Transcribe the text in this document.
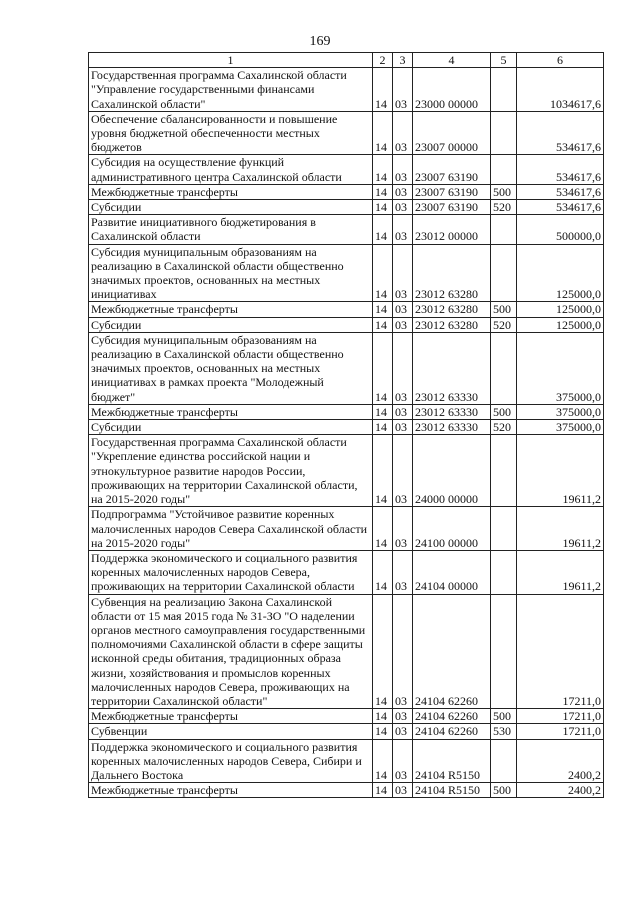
169
1	2	3	4	5	6
Государственная программа Сахалинской области "Управление государственными финансами Сахалинской области"	14	03	23000 00000		1034617,6
Обеспечение сбалансированности и повышение уровня бюджетной обеспеченности местных бюджетов	14	03	23007 00000		534617,6
Субсидия на осуществление функций административного центра Сахалинской области	14	03	23007 63190		534617,6
Межбюджетные трансферты	14	03	23007 63190	500	534617,6
Субсидии	14	03	23007 63190	520	534617,6
Развитие инициативного бюджетирования в Сахалинской области	14	03	23012 00000		500000,0
Субсидия муниципальным образованиям на реализацию в Сахалинской области общественно значимых проектов, основанных на местных инициативах	14	03	23012 63280		125000,0
Межбюджетные трансферты	14	03	23012 63280	500	125000,0
Субсидии	14	03	23012 63280	520	125000,0
Субсидия муниципальным образованиям на реализацию в Сахалинской области общественно значимых проектов, основанных на местных инициативах в рамках проекта "Молодежный бюджет"	14	03	23012 63330		375000,0
Межбюджетные трансферты	14	03	23012 63330	500	375000,0
Субсидии	14	03	23012 63330	520	375000,0
Государственная программа Сахалинской области "Укрепление единства российской нации и этнокультурное развитие народов России, проживающих на территории Сахалинской области, на 2015-2020 годы"	14	03	24000 00000		19611,2
Подпрограмма "Устойчивое развитие коренных малочисленных народов Севера Сахалинской области на 2015-2020 годы"	14	03	24100 00000		19611,2
Поддержка экономического и социального развития коренных малочисленных народов Севера, проживающих на территории Сахалинской области	14	03	24104 00000		19611,2
Субвенция на реализацию Закона Сахалинской области от 15 мая 2015 года № 31-ЗО "О наделении органов местного самоуправления государственными полномочиями Сахалинской области в сфере защиты исконной среды обитания, традиционных образа жизни, хозяйствования и промыслов коренных малочисленных народов Севера, проживающих на территории Сахалинской области"	14	03	24104 62260		17211,0
Межбюджетные трансферты	14	03	24104 62260	500	17211,0
Субвенции	14	03	24104 62260	530	17211,0
Поддержка экономического и социального развития коренных малочисленных народов Севера, Сибири и Дальнего Востока	14	03	24104 R5150		2400,2
Межбюджетные трансферты	14	03	24104 R5150	500	2400,2
